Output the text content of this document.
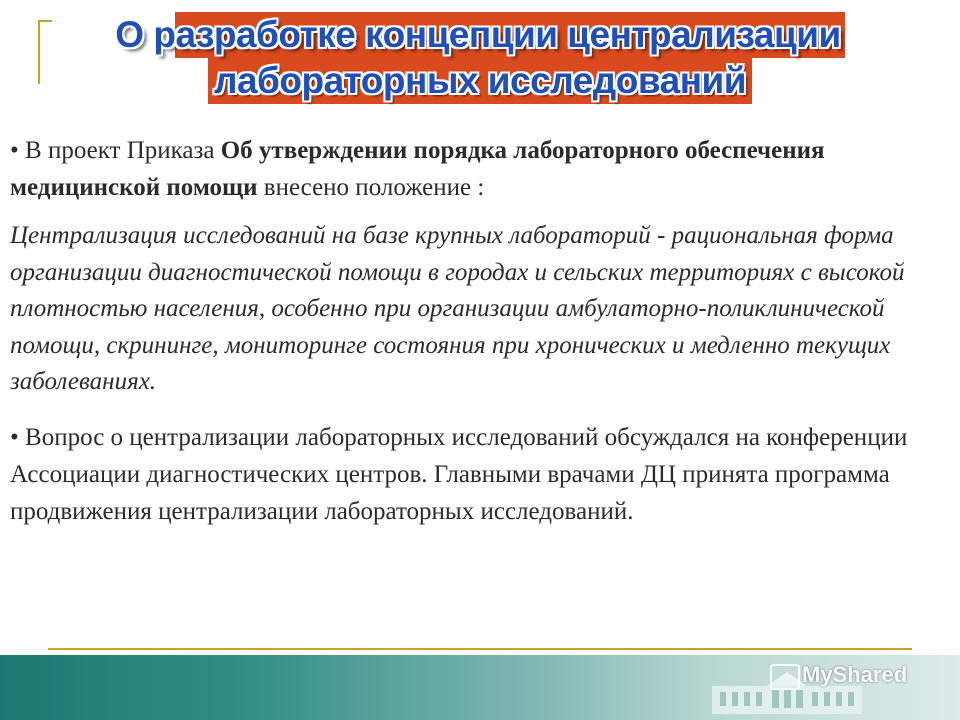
О разработке концепции централизации
лабораторных исследований

• В проект Приказа Об утверждении порядка лабораторного обеспечения медицинской помощи внесено положение :

Централизация исследований на базе крупных лабораторий - рациональная форма организации диагностической помощи в городах и сельских территориях с высокой плотностью населения, особенно при организации амбулаторно-поликлинической помощи, скрининге, мониторинге состояния при хронических и медленно текущих заболеваниях.

• Вопрос о централизации лабораторных исследований обсуждался на конференции Ассоциации диагностических центров. Главными врачами ДЦ принята программа продвижения централизации лабораторных исследований.

MyShared
